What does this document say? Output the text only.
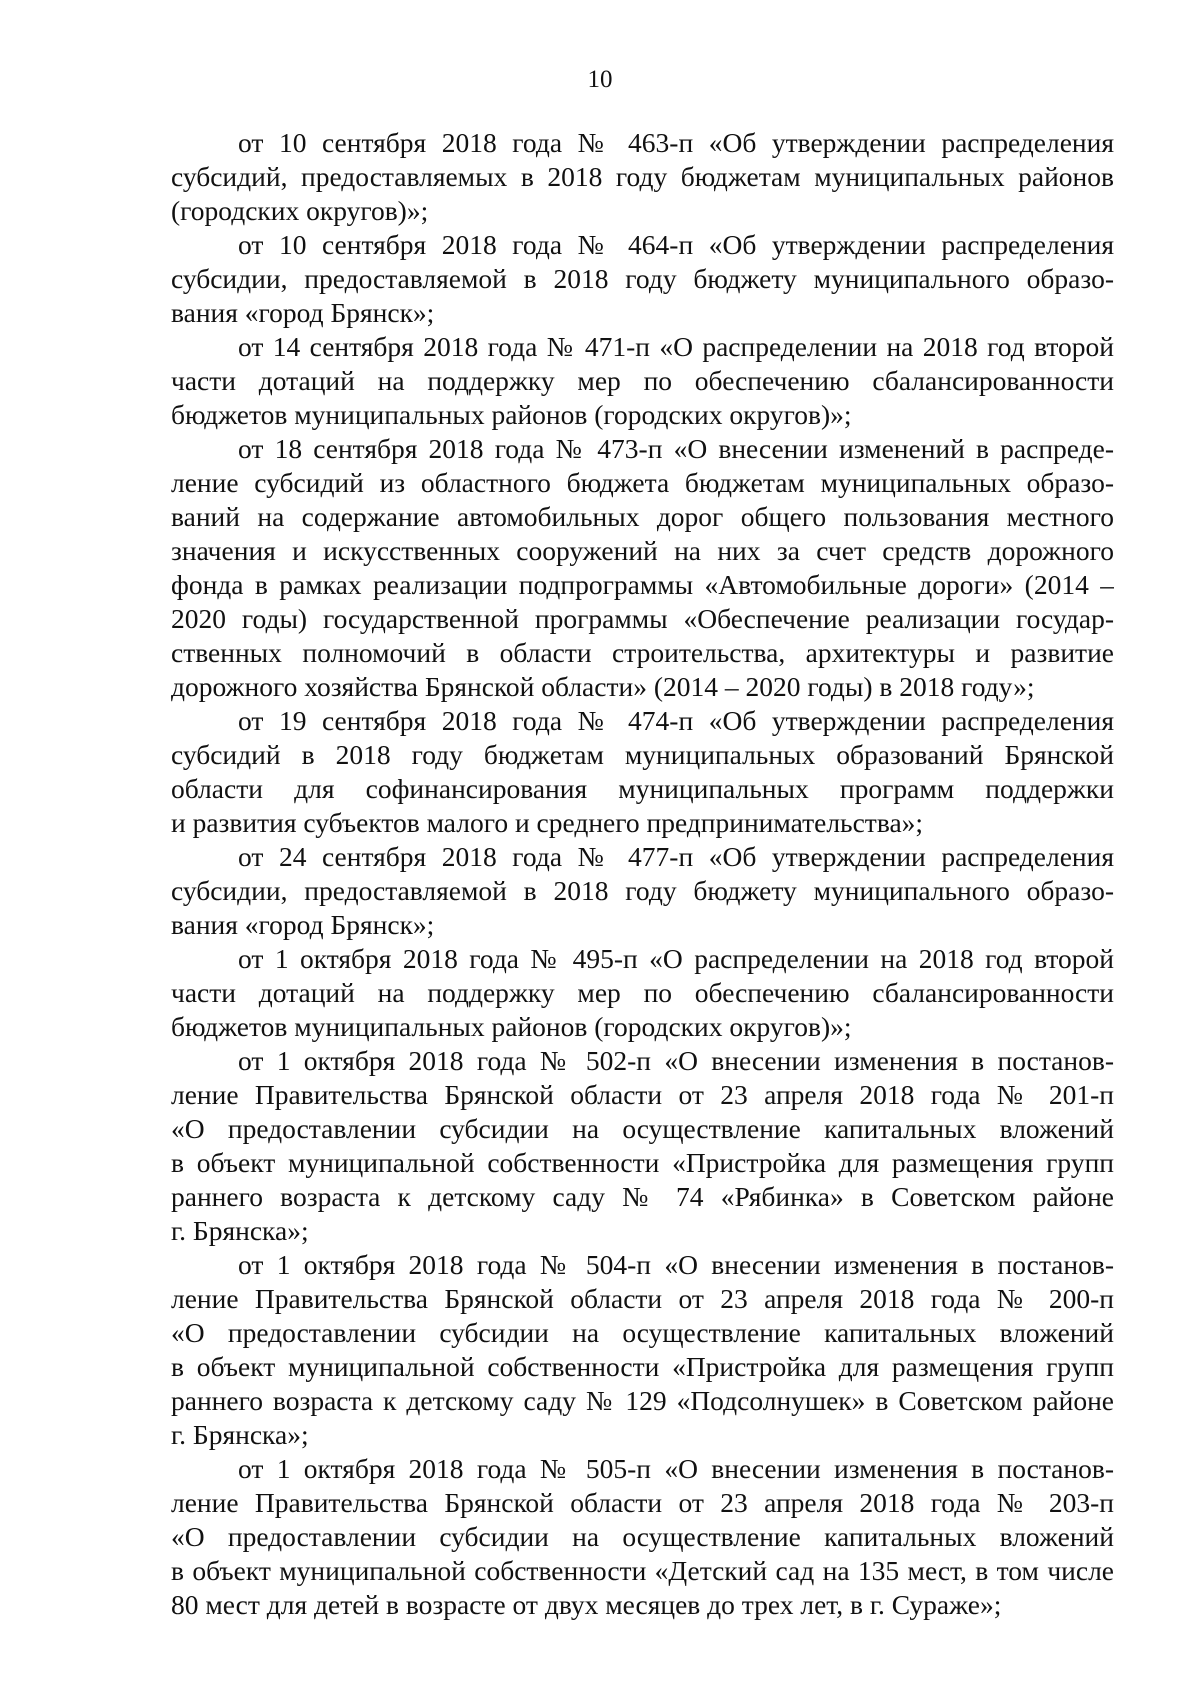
10
от 10 сентября 2018 года № 463-п «Об утверждении распределения
субсидий, предоставляемых в 2018 году бюджетам муниципальных районов
(городских округов)»;
от 10 сентября 2018 года № 464-п «Об утверждении распределения
субсидии, предоставляемой в 2018 году бюджету муниципального образо-
вания «город Брянск»;
от 14 сентября 2018 года № 471-п «О распределении на 2018 год второй
части дотаций на поддержку мер по обеспечению сбалансированности
бюджетов муниципальных районов (городских округов)»;
от 18 сентября 2018 года № 473-п «О внесении изменений в распреде-
ление субсидий из областного бюджета бюджетам муниципальных образо-
ваний на содержание автомобильных дорог общего пользования местного
значения и искусственных сооружений на них за счет средств дорожного
фонда в рамках реализации подпрограммы «Автомобильные дороги» (2014 –
2020 годы) государственной программы «Обеспечение реализации государ-
ственных полномочий в области строительства, архитектуры и развитие
дорожного хозяйства Брянской области» (2014 – 2020 годы) в 2018 году»;
от 19 сентября 2018 года № 474-п «Об утверждении распределения
субсидий в 2018 году бюджетам муниципальных образований Брянской
области для софинансирования муниципальных программ поддержки
и развития субъектов малого и среднего предпринимательства»;
от 24 сентября 2018 года № 477-п «Об утверждении распределения
субсидии, предоставляемой в 2018 году бюджету муниципального образо-
вания «город Брянск»;
от 1 октября 2018 года № 495-п «О распределении на 2018 год второй
части дотаций на поддержку мер по обеспечению сбалансированности
бюджетов муниципальных районов (городских округов)»;
от 1 октября 2018 года № 502-п «О внесении изменения в постанов-
ление Правительства Брянской области от 23 апреля 2018 года № 201-п
«О предоставлении субсидии на осуществление капитальных вложений
в объект муниципальной собственности «Пристройка для размещения групп
раннего возраста к детскому саду № 74 «Рябинка» в Советском районе
г. Брянска»;
от 1 октября 2018 года № 504-п «О внесении изменения в постанов-
ление Правительства Брянской области от 23 апреля 2018 года № 200-п
«О предоставлении субсидии на осуществление капитальных вложений
в объект муниципальной собственности «Пристройка для размещения групп
раннего возраста к детскому саду № 129 «Подсолнушек» в Советском районе
г. Брянска»;
от 1 октября 2018 года № 505-п «О внесении изменения в постанов-
ление Правительства Брянской области от 23 апреля 2018 года № 203-п
«О предоставлении субсидии на осуществление капитальных вложений
в объект муниципальной собственности «Детский сад на 135 мест, в том числе
80 мест для детей в возрасте от двух месяцев до трех лет, в г. Сураже»;
